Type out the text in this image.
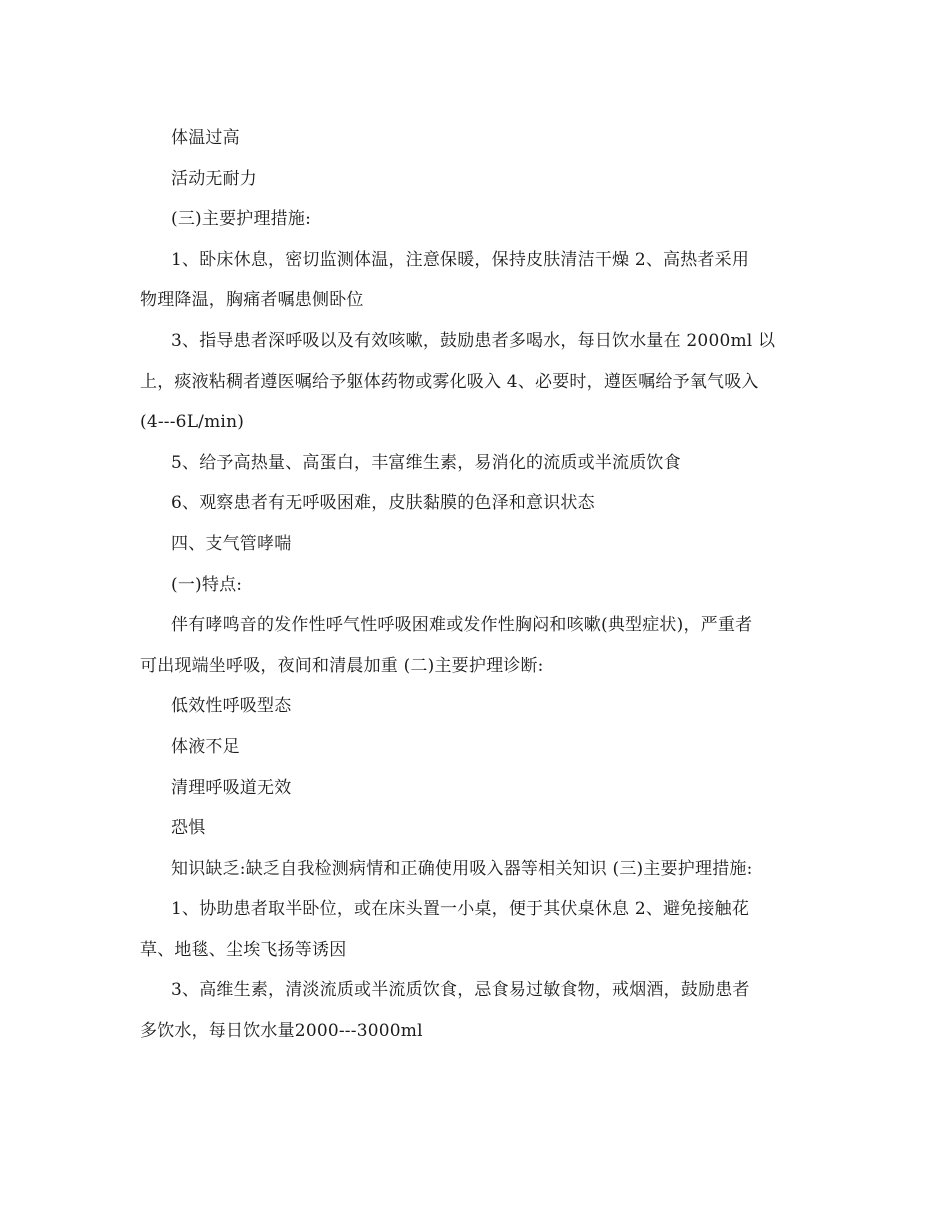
体温过高
活动无耐力
(三)主要护理措施:
1、卧床休息，密切监测体温，注意保暖，保持皮肤清洁干燥 2、高热者采用
物理降温，胸痛者嘱患侧卧位
3、指导患者深呼吸以及有效咳嗽，鼓励患者多喝水，每日饮水量在 2000ml 以
上，痰液粘稠者遵医嘱给予躯体药物或雾化吸入 4、必要时，遵医嘱给予氧气吸入
(4---6L/min)
5、给予高热量、高蛋白，丰富维生素，易消化的流质或半流质饮食
6、观察患者有无呼吸困难，皮肤黏膜的色泽和意识状态
四、支气管哮喘
(一)特点:
伴有哮鸣音的发作性呼气性呼吸困难或发作性胸闷和咳嗽(典型症状)，严重者
可出现端坐呼吸，夜间和清晨加重 (二)主要护理诊断:
低效性呼吸型态
体液不足
清理呼吸道无效
恐惧
知识缺乏:缺乏自我检测病情和正确使用吸入器等相关知识 (三)主要护理措施:
1、协助患者取半卧位，或在床头置一小桌，便于其伏桌休息 2、避免接触花
草、地毯、尘埃飞扬等诱因
3、高维生素，清淡流质或半流质饮食，忌食易过敏食物，戒烟酒，鼓励患者
多饮水，每日饮水量2000---3000ml
